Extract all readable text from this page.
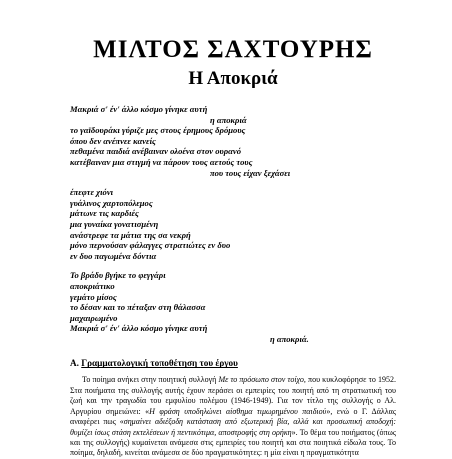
ΜΙΛΤΟΣ ΣΑΧΤΟΥΡΗΣ
Η Αποκριά
Μακριά σ' έν' άλλο κόσμο γίνηκε αυτή
η αποκριά
το γαϊδουράκι γύριζε μες στους έρημους δρόμους
όπου δεν ανέπνεε κανείς
πεθαμένα παιδιά ανέβαιναν ολοένα στον ουρανό
κατέβαιναν μια στιγμή να πάρουν τους αετούς τους
που τους είχαν ξεχάσει
έπεφτε χιόνι
γυάλινος χαρτοπόλεμος
μάτωνε τις καρδιές
μια γυναίκα γονατισμένη
ανάστρεφε τα μάτια της σα νεκρή
μόνο περνούσαν φάλαγγες στρατιώτες εν δυο
εν δυο παγωμένα δόντια
Το βράδυ βγήκε το φεγγάρι
αποκριάτικο
γεμάτο μίσος
το δέσαν και το πέταξαν στη θάλασσα
μαχαιρωμένο
Μακριά σ' έν' άλλο κόσμο γίνηκε αυτή
η αποκριά.
Α. Γραμματολογική τοποθέτηση του έργου

Το ποίημα ανήκει στην ποιητική συλλογή Με το πρόσωπο στον τοίχο, που κυκλοφόρησε το 1952. Στα ποιήματα της συλλογής αυτής έχουν περάσει οι εμπειρίες του ποιητή από τη στρατιωτική του ζωή και την τραγωδία του εμφυλίου πολέμου (1946-1949). Για τον τίτλο της συλλογής ο Αλ. Αργυρίου σημειώνει: «Η φράση υποδηλώνει αίσθημα τιμωρημένου παιδιού», ενώ ο Γ. Δάλλας αναφέρει πως «σημαίνει αδιέξοδη κατάσταση από εξωτερική βία, αλλά και προσωπική αποδοχή: θυμίζει ίσως στάση εκτελέσεων ή πεντικότιμα, αποστροφής στη ορήκη». Το θέμα του ποιήματος (όπως και της συλλογής) κυμαίνεται ανάμεσα στις εμπειρίες του ποιητή και στα ποιητικά είδωλα τους. Το ποίημα, δηλαδή, κινείται ανάμεσα σε δύο πραγματικότητες: η μία είναι η πραγματικότητα
